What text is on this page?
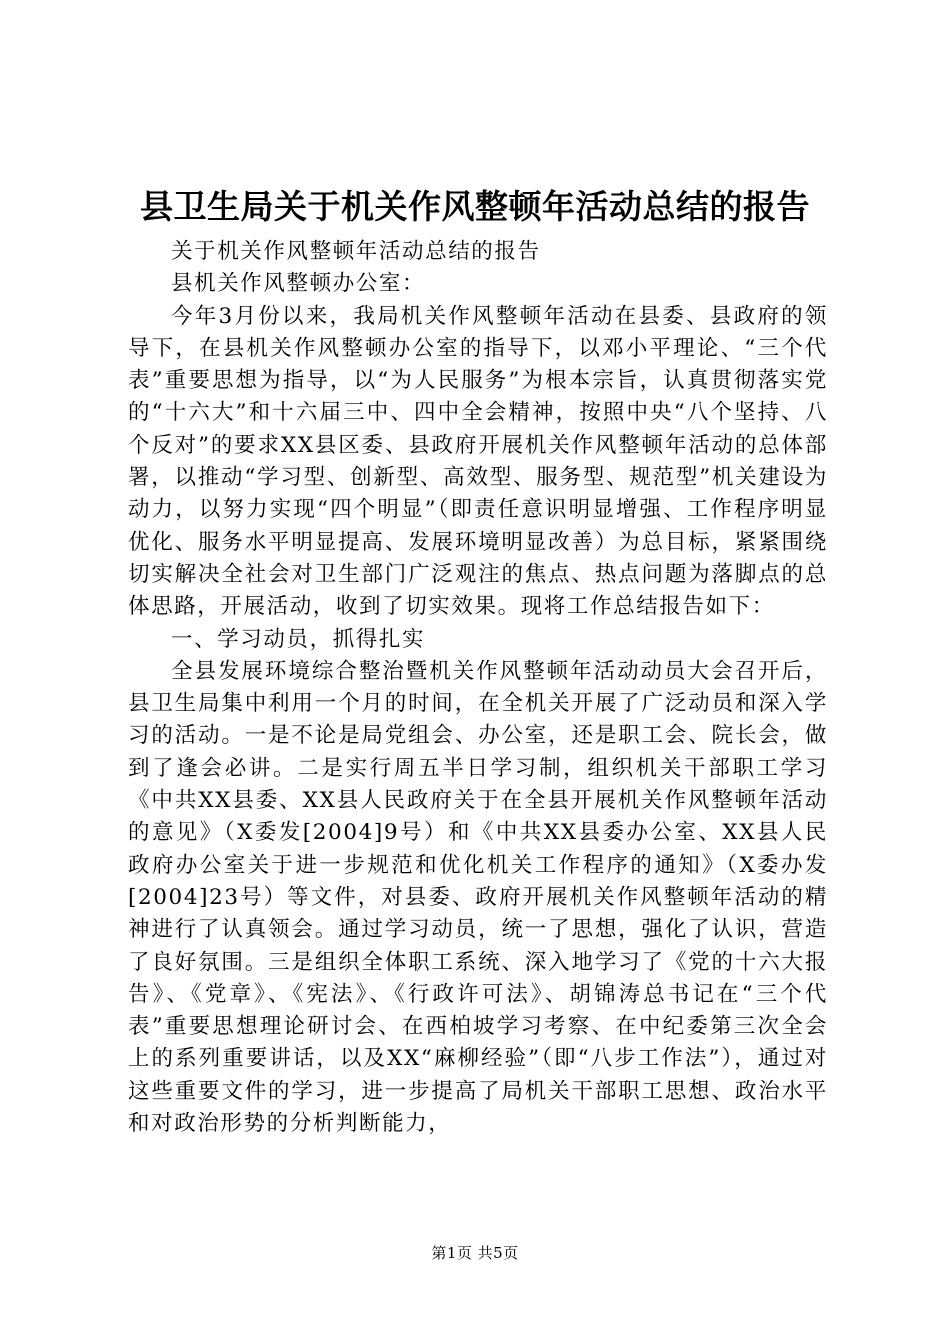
县卫生局关于机关作风整顿年活动总结的报告

关于机关作风整顿年活动总结的报告

县机关作风整顿办公室：

今年3月份以来，我局机关作风整顿年活动在县委、县政府的领导下，在县机关作风整顿办公室的指导下，以邓小平理论、“三个代表”重要思想为指导，以“为人民服务”为根本宗旨，认真贯彻落实党的“十六大”和十六届三中、四中全会精神，按照中央“八个坚持、八个反对”的要求XX县区委、县政府开展机关作风整顿年活动的总体部署，以推动“学习型、创新型、高效型、服务型、规范型”机关建设为动力，以努力实现“四个明显”（即责任意识明显增强、工作程序明显优化、服务水平明显提高、发展环境明显改善）为总目标，紧紧围绕切实解决全社会对卫生部门广泛观注的焦点、热点问题为落脚点的总体思路，开展活动，收到了切实效果。现将工作总结报告如下：

一、学习动员，抓得扎实

全县发展环境综合整治暨机关作风整顿年活动动员大会召开后，县卫生局集中利用一个月的时间，在全机关开展了广泛动员和深入学习的活动。一是不论是局党组会、办公室，还是职工会、院长会，做到了逢会必讲。二是实行周五半日学习制，组织机关干部职工学习《中共XX县委、XX县人民政府关于在全县开展机关作风整顿年活动的意见》（X委发[2004]9号）和《中共XX县委办公室、XX县人民政府办公室关于进一步规范和优化机关工作程序的通知》（X委办发[2004]23号）等文件，对县委、政府开展机关作风整顿年活动的精神进行了认真领会。通过学习动员，统一了思想，强化了认识，营造了良好氛围。三是组织全体职工系统、深入地学习了《党的十六大报告》、《党章》、《宪法》、《行政许可法》、胡锦涛总书记在“三个代表”重要思想理论研讨会、在西柏坡学习考察、在中纪委第三次全会上的系列重要讲话，以及XX“麻柳经验”（即“八步工作法”），通过对这些重要文件的学习，进一步提高了局机关干部职工思想、政治水平和对政治形势的分析判断能力，

第1页 共5页
